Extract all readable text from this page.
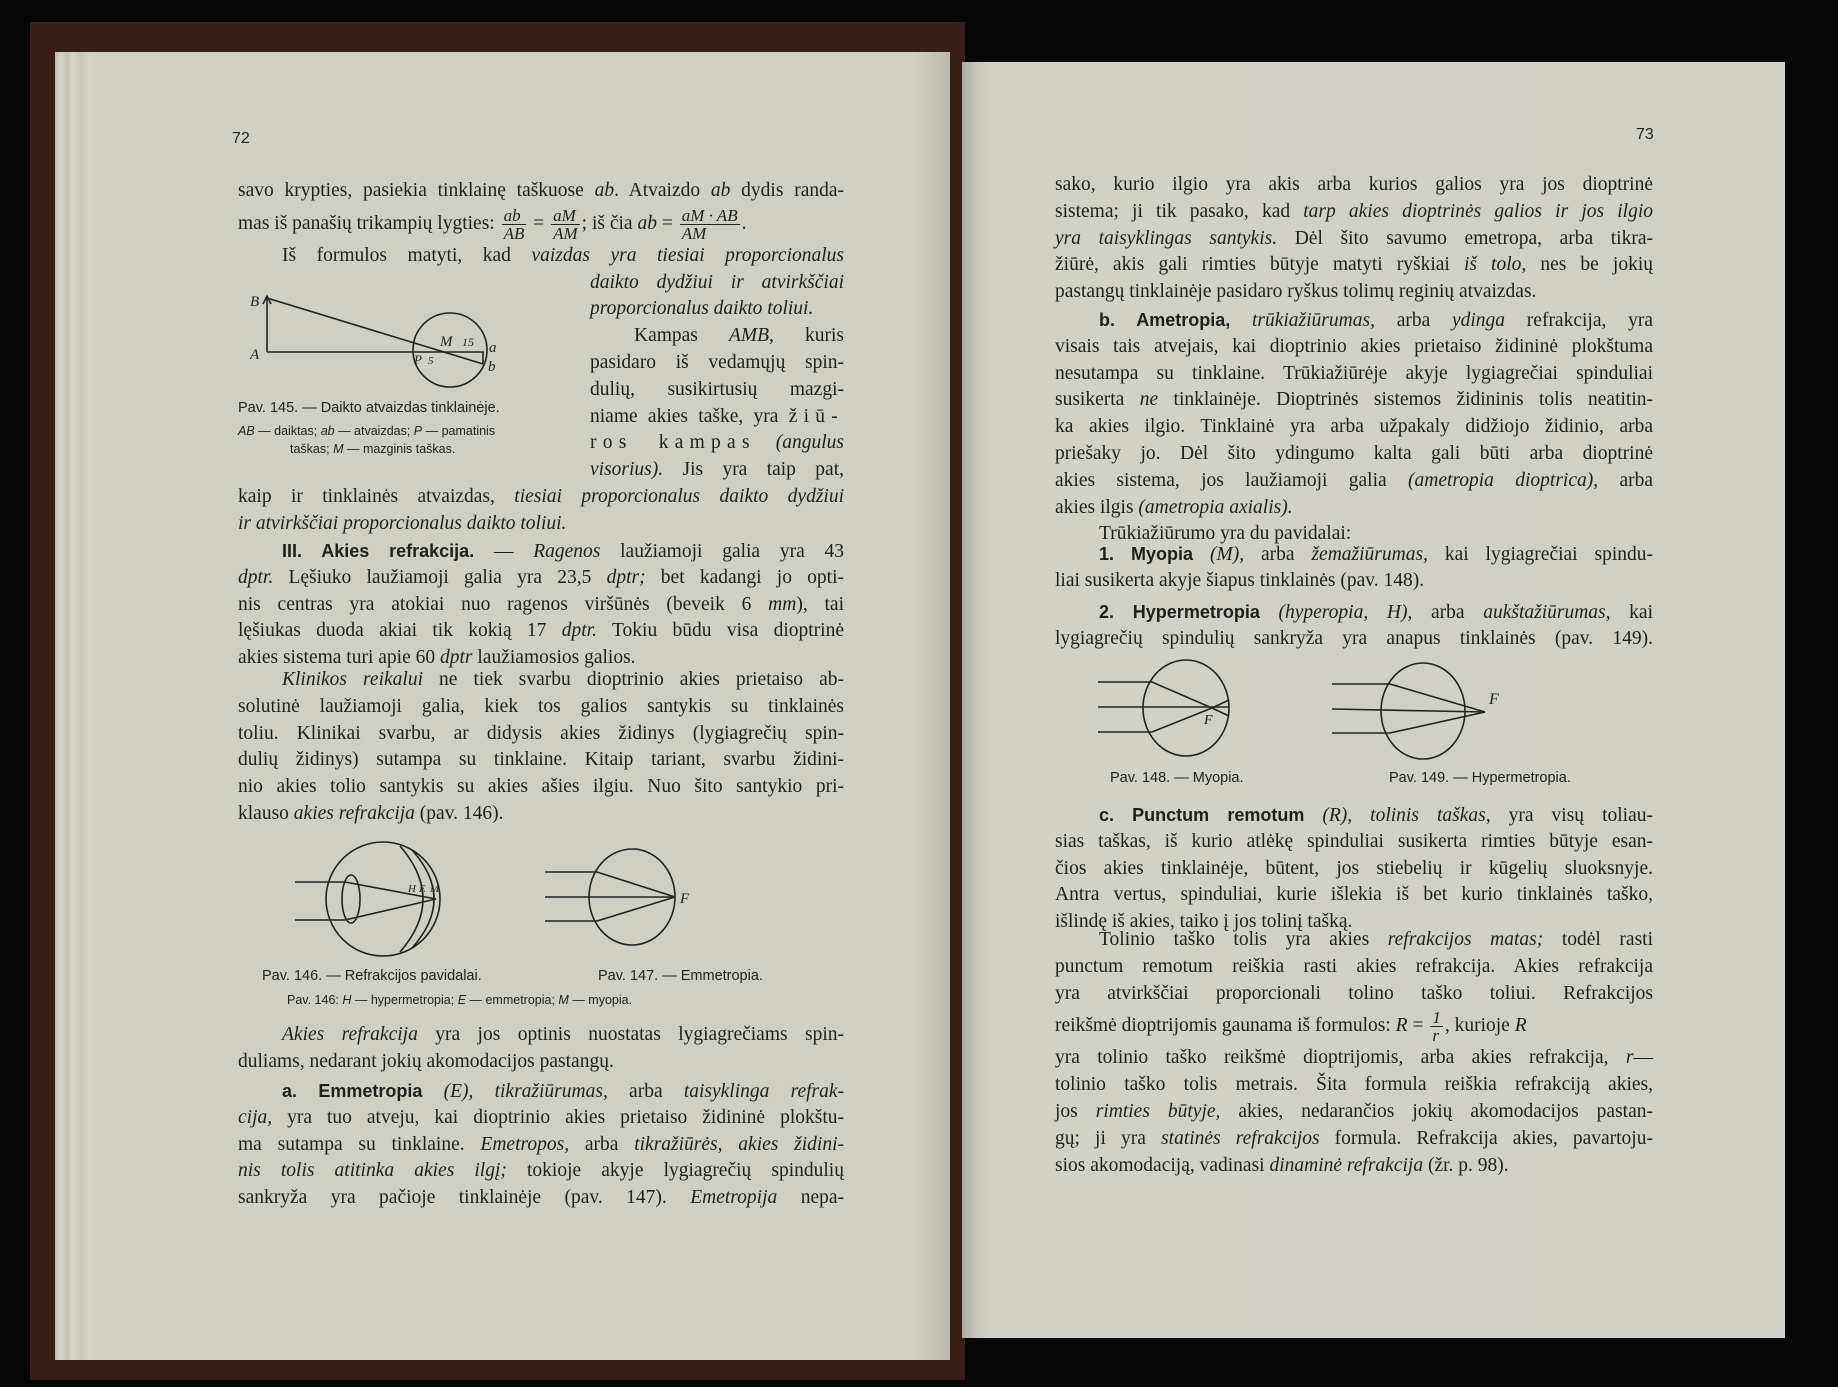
72	73
savo krypties, pasiekia tinklainę taškuose ab. Atvaizdo ab dydis randa-
mas iš panašių trikampių lygties: $\frac{ab}{AB} = \frac{aM}{AM}$ ; iš čia ab = $\frac{aM \cdot AB}{AM}$ .
Iš formulos matyti, kad vaizdas yra tiesiai proporcionalus
daikto dydžiui ir atvirkščiai
proporcionalus daikto toliui.
Kampas AMB, kuris
pasidaro iš vedamųjų spin-
dulių, susikirtusių mazgi-
niame akies taške, yra žiū-
ros kampas (angulus
visorius). Jis yra taip pat,
kaip ir tinklainės atvaizdas, tiesiai proporcionalus daikto dydžiui
ir atvirkščiai proporcionalus daikto toliui.
III. Akies refrakcija. — Ragenos laužiamoji galia yra 43
dptr. Lęšiuko laužiamoji galia yra 23,5 dptr; bet kadangi jo opti-
nis centras yra atokiai nuo ragenos viršūnės (beveik 6 mm), tai
lęšiukas duoda akiai tik kokią 17 dptr. Tokiu būdu visa dioptrinė
akies sistema turi apie 60 dptr laužiamosios galios.
Klinikos reikalui ne tiek svarbu dioptrinio akies prietaiso ab-
solutinė laužiamoji galia, kiek tos galios santykis su tinklainės
toliu. Klinikai svarbu, ar didysis akies židinys (lygiagrečių spin-
dulių židinys) sutampa su tinklaine. Kitaip tariant, svarbu židini-
nio akies tolio santykis su akies ašies ilgiu. Nuo šito santykio pri-
klauso akies refrakcija (pav. 146).
Akies refrakcija yra jos optinis nuostatas lygiagrečiams spin-
duliams, nedarant jokių akomodacijos pastangų.
a. Emmetropia (E), tikražiūrumas, arba taisyklinga refrak-
cija, yra tuo atveju, kai dioptrinio akies prietaiso židininė plokštu-
ma sutampa su tinklaine. Emetropos, arba tikražiūrės, akies židini-
nis tolis atitinka akies ilgį; tokioje akyje lygiagrečių spindulių
sankryža yra pačioje tinklainėje (pav. 147). Emetropija nepa-
sako, kurio ilgio yra akis arba kurios galios yra jos dioptrinė
sistema; ji tik pasako, kad tarp akies dioptrinės galios ir jos ilgio
yra taisyklingas santykis. Dėl šito savumo emetropa, arba tikra-
žiūrė, akis gali rimties būtyje matyti ryškiai iš tolo, nes be jokių
pastangų tinklainėje pasidaro ryškus tolimų reginių atvaizdas.
b. Ametropia, trūkiažiūrumas, arba ydinga refrakcija, yra
visais tais atvejais, kai dioptrinio akies prietaiso židininė plokštuma
nesutampa su tinklaine. Trūkiažiūrėje akyje lygiagrečiai spinduliai
susikerta ne tinklainėje. Dioptrinės sistemos židininis tolis neatitin-
ka akies ilgio. Tinklainė yra arba užpakaly didžiojo židinio, arba
priešaky jo. Dėl šito ydingumo kalta gali būti arba dioptrinė
akies sistema, jos laužiamoji galia (ametropia dioptrica), arba
akies ilgis (ametropia axialis).
Trūkiažiūrumo yra du pavidalai:
1. Myopia (M), arba žemažiūrumas, kai lygiagrečiai spindu-
liai susikerta akyje šiapus tinklainės (pav. 148).
2. Hypermetropia (hyperopia, H), arba aukštažiūrumas, kai
lygiagrečių spindulių sankryža yra anapus tinklainės (pav. 149).
c. Punctum remotum (R), tolinis taškas, yra visų toliau-
sias taškas, iš kurio atlėkę spinduliai susikerta rimties būtyje esan-
čios akies tinklainėje, būtent, jos stiebelių ir kūgelių sluoksnyje.
Antra vertus, spinduliai, kurie išlekia iš bet kurio tinklainės taško,
išlindę iš akies, taiko į jos tolinį tašką.
Tolinio taško tolis yra akies refrakcijos matas; todėl rasti
punctum remotum reiškia rasti akies refrakcija. Akies refrakcija
yra atvirkščiai proporcionali tolino taško toliui. Refrakcijos
reikšmė dioptrijomis gaunama iš formulos: $R = \frac{1}{r}$ , kurioje R
yra tolinio taško reikšmė dioptrijomis, arba akies refrakcija, r—
tolinio taško tolis metrais. Šita formula reiškia refrakciją akies,
jos rimties būtyje, akies, nedarančios jokių akomodacijos pastan-
gų; ji yra statinės refrakcijos formula. Refrakcija akies, pavartoju-
sios akomodaciją, vadinasi dinaminė refrakcija (žr. p. 98).
Pav. 145. — Daikto atvaizdas tinklainėje.
AB — daiktas; ab — atvaizdas; P — pamatinis
taškas; M — mazginis taškas.
Pav. 146. — Refrakcijos pavidalai.	Pav. 147. — Emmetropia.
Pav. 146: H — hypermetropia; E — emmetropia; M — myopia.
Pav. 148. — Myopia.	Pav. 149. — Hypermetropia.
B
A
M 15
P 5
a
b
H E M
F
F
F
